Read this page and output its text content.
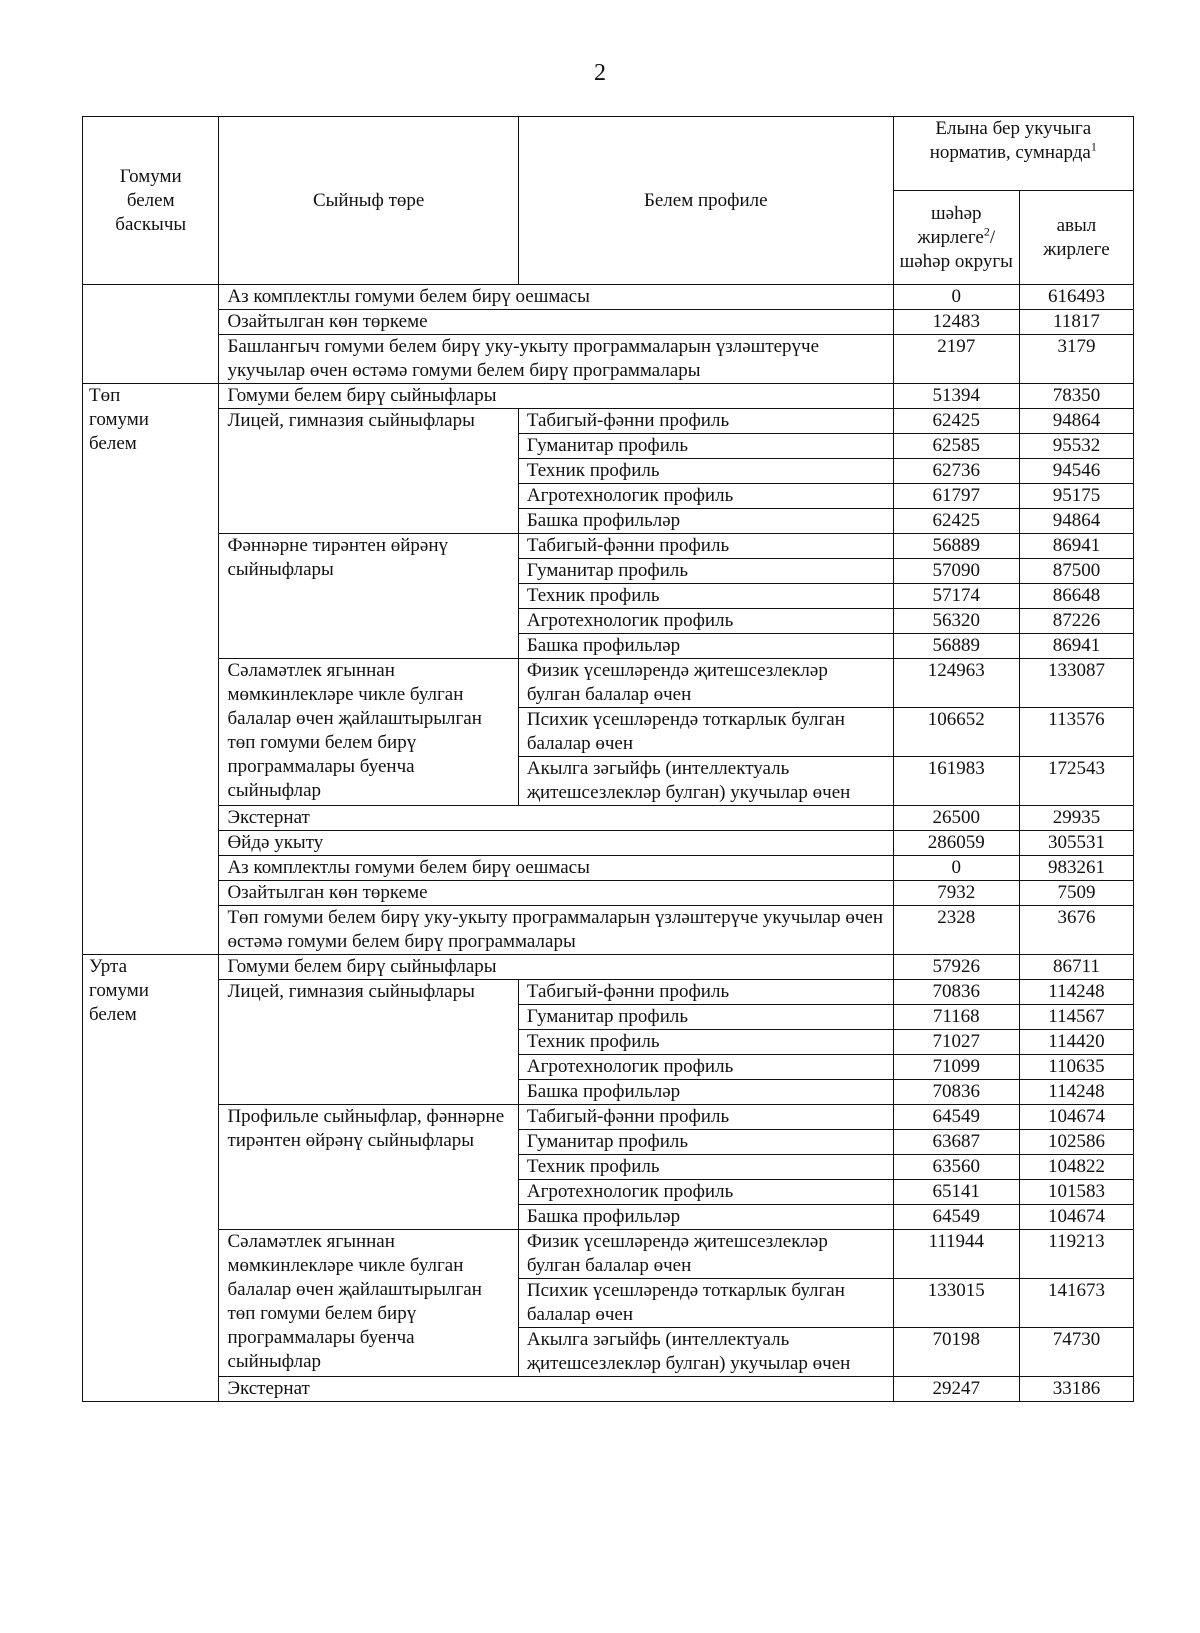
2
Гомуми
белем
баскычы	Сыйныф төре	Белем профиле	Елына бер укучыга норматив, сумнарда$^1$
			шәһәр жирлеге$^2$/ шәһәр округы	авыл
жирлеге
	Аз комплектлы гомуми белем бирү оешмасы		0	616493
	Озайтылган көн төркеме		12483	11817
	Башлангыч гомуми белем бирү уку-укыту программаларын үзләштерүче укучылар өчен өстәмә гомуми белем бирү программалары		2197	3179
Төп
гомуми
белем	Гомуми белем бирү сыйныфлары		51394	78350
	Лицей, гимназия сыйныфлары	Табигый-фәнни профиль	62425	94864
		Гуманитар профиль	62585	95532
		Техник профиль	62736	94546
		Агротехнологик профиль	61797	95175
		Башка профильләр	62425	94864
	Фәннәрне тирәнтен өйрәнү сыйныфлары	Табигый-фәнни профиль	56889	86941
		Гуманитар профиль	57090	87500
		Техник профиль	57174	86648
		Агротехнологик профиль	56320	87226
		Башка профильләр	56889	86941
	Сәламәтлек ягыннан мөмкинлекләре чикле булган балалар өчен җайлаштырылган төп гомуми белем бирү программалары буенча сыйныфлар	Физик үсешләрендә җитешсезлекләр булган балалар өчен	124963	133087
		Психик үсешләрендә тоткарлык булган балалар өчен	106652	113576
		Акылга зәгыйфь (интеллектуаль җитешсезлекләр булган) укучылар өчен	161983	172543
	Экстернат		26500	29935
	Өйдә укыту		286059	305531
	Аз комплектлы гомуми белем бирү оешмасы		0	983261
	Озайтылган көн төркеме		7932	7509
	Төп гомуми белем бирү уку-укыту программаларын үзләштерүче укучылар өчен өстәмә гомуми белем бирү программалары		2328	3676
Урта
гомуми
белем	Гомуми белем бирү сыйныфлары		57926	86711
	Лицей, гимназия сыйныфлары	Табигый-фәнни профиль	70836	114248
		Гуманитар профиль	71168	114567
		Техник профиль	71027	114420
		Агротехнологик профиль	71099	110635
		Башка профильләр	70836	114248
	Профильле сыйныфлар, фәннәрне тирәнтен өйрәнү сыйныфлары	Табигый-фәнни профиль	64549	104674
		Гуманитар профиль	63687	102586
		Техник профиль	63560	104822
		Агротехнологик профиль	65141	101583
		Башка профильләр	64549	104674
	Сәламәтлек ягыннан мөмкинлекләре чикле булган балалар өчен җайлаштырылган төп гомуми белем бирү программалары буенча сыйныфлар	Физик үсешләрендә җитешсезлекләр булган балалар өчен	111944	119213
		Психик үсешләрендә тоткарлык булган балалар өчен	133015	141673
		Акылга зәгыйфь (интеллектуаль җитешсезлекләр булган) укучылар өчен	70198	74730
	Экстернат		29247	33186
